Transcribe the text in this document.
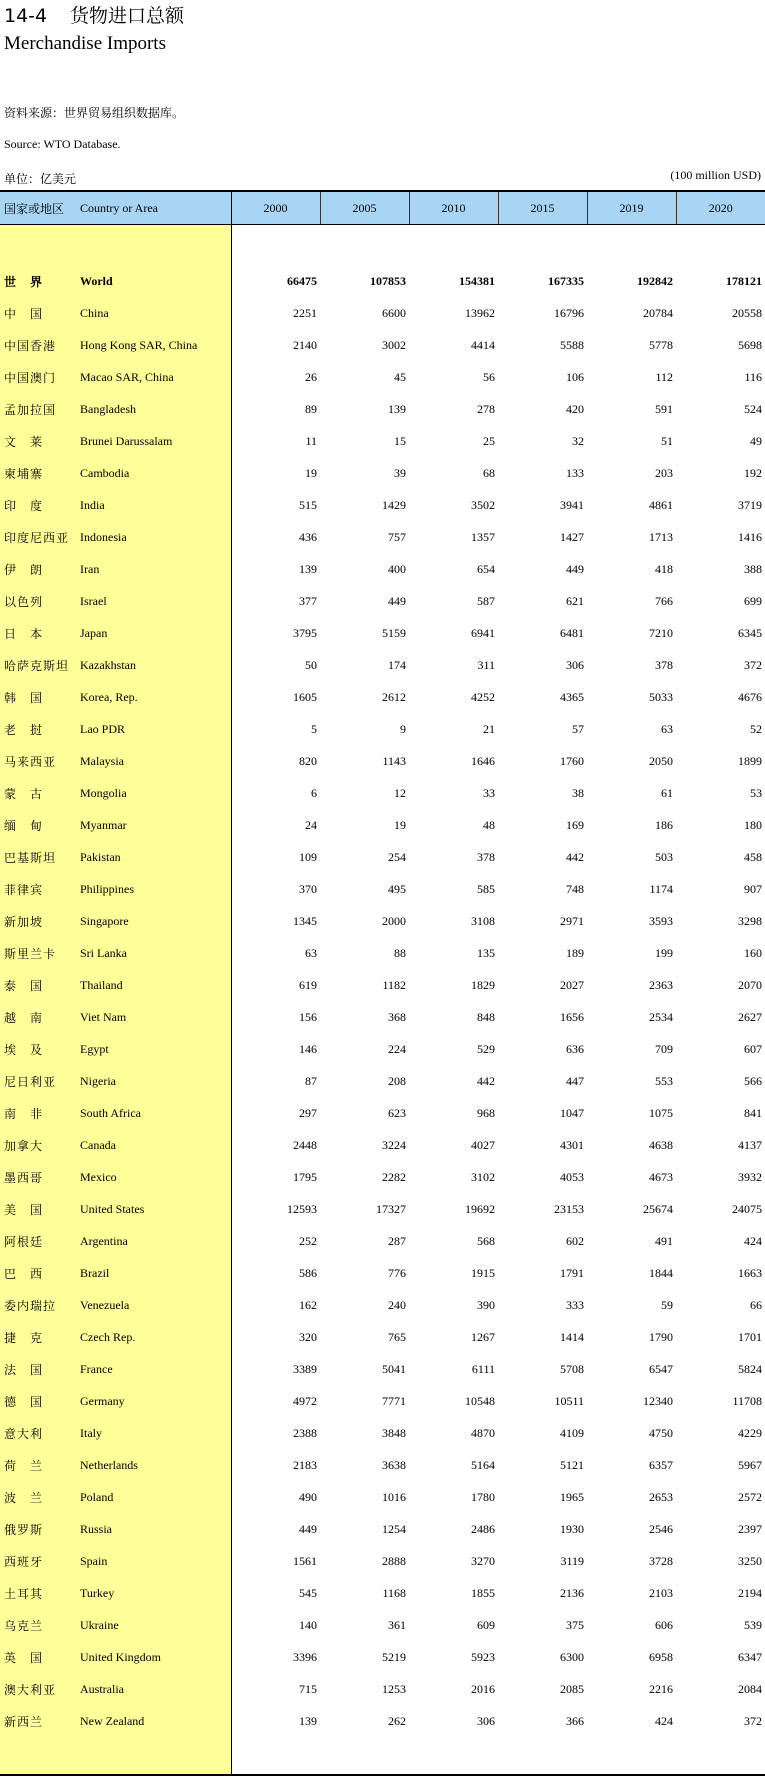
14-4 货物进口总额
Merchandise Imports
资料来源：世界贸易组织数据库。
Source: WTO Database.
单位：亿美元	(100 million USD)
国家或地区	Country or Area	2000	2005	2010	2015	2019	2020

世　界	World	66475	107853	154381	167335	192842	178121
中　国	China	2251	6600	13962	16796	20784	20558
中国香港	Hong Kong SAR, China	2140	3002	4414	5588	5778	5698
中国澳门	Macao SAR, China	26	45	56	106	112	116
孟加拉国	Bangladesh	89	139	278	420	591	524
文　莱	Brunei Darussalam	11	15	25	32	51	49
柬埔寨	Cambodia	19	39	68	133	203	192
印　度	India	515	1429	3502	3941	4861	3719
印度尼西亚	Indonesia	436	757	1357	1427	1713	1416
伊　朗	Iran	139	400	654	449	418	388
以色列	Israel	377	449	587	621	766	699
日　本	Japan	3795	5159	6941	6481	7210	6345
哈萨克斯坦	Kazakhstan	50	174	311	306	378	372
韩　国	Korea, Rep.	1605	2612	4252	4365	5033	4676
老　挝	Lao PDR	5	9	21	57	63	52
马来西亚	Malaysia	820	1143	1646	1760	2050	1899
蒙　古	Mongolia	6	12	33	38	61	53
缅　甸	Myanmar	24	19	48	169	186	180
巴基斯坦	Pakistan	109	254	378	442	503	458
菲律宾	Philippines	370	495	585	748	1174	907
新加坡	Singapore	1345	2000	3108	2971	3593	3298
斯里兰卡	Sri Lanka	63	88	135	189	199	160
泰　国	Thailand	619	1182	1829	2027	2363	2070
越　南	Viet Nam	156	368	848	1656	2534	2627
埃　及	Egypt	146	224	529	636	709	607
尼日利亚	Nigeria	87	208	442	447	553	566
南　非	South Africa	297	623	968	1047	1075	841
加拿大	Canada	2448	3224	4027	4301	4638	4137
墨西哥	Mexico	1795	2282	3102	4053	4673	3932
美　国	United States	12593	17327	19692	23153	25674	24075
阿根廷	Argentina	252	287	568	602	491	424
巴　西	Brazil	586	776	1915	1791	1844	1663
委内瑞拉	Venezuela	162	240	390	333	59	66
捷　克	Czech Rep.	320	765	1267	1414	1790	1701
法　国	France	3389	5041	6111	5708	6547	5824
德　国	Germany	4972	7771	10548	10511	12340	11708
意大利	Italy	2388	3848	4870	4109	4750	4229
荷　兰	Netherlands	2183	3638	5164	5121	6357	5967
波　兰	Poland	490	1016	1780	1965	2653	2572
俄罗斯	Russia	449	1254	2486	1930	2546	2397
西班牙	Spain	1561	2888	3270	3119	3728	3250
土耳其	Turkey	545	1168	1855	2136	2103	2194
乌克兰	Ukraine	140	361	609	375	606	539
英　国	United Kingdom	3396	5219	5923	6300	6958	6347
澳大利亚	Australia	715	1253	2016	2085	2216	2084
新西兰	New Zealand	139	262	306	366	424	372
